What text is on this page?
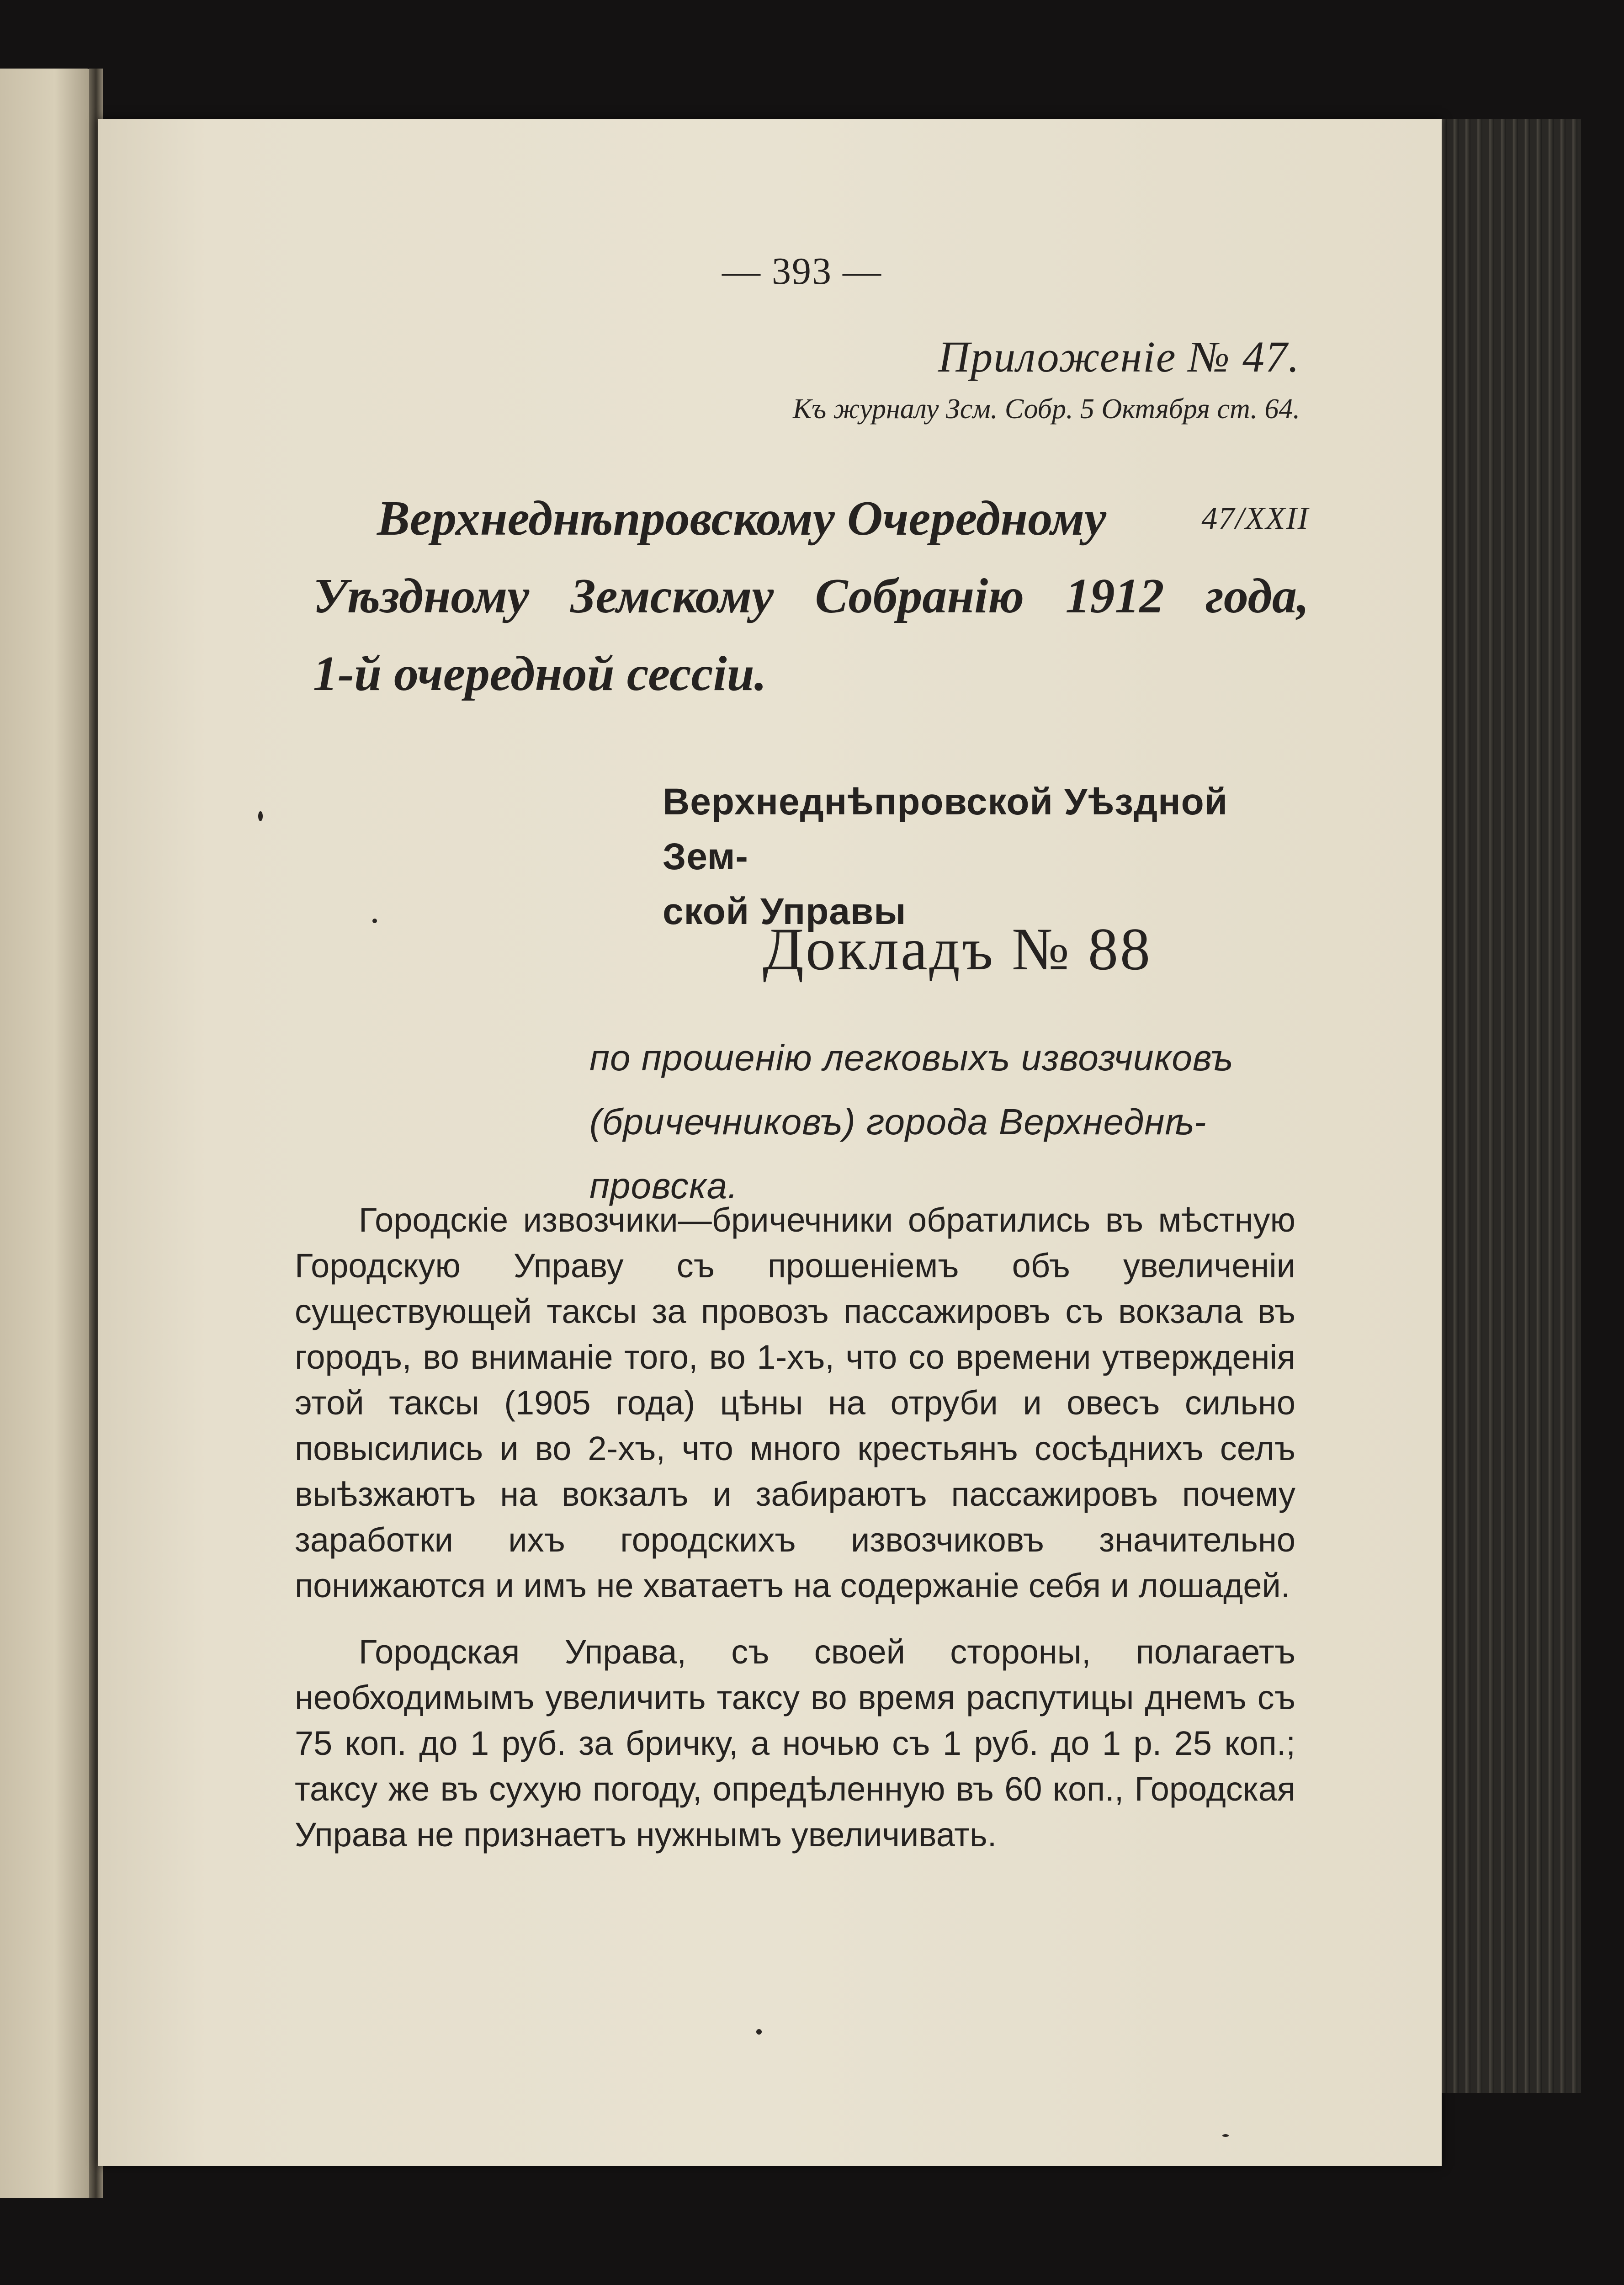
— 393 —
Приложенiе № 47.
Къ журналу Зсм. Собр. 5 Октября ст. 64.
47/XXII
Верхнеднѣпровскому Очередному
Уѣздному Земскому Собранiю 1912 года,
1-й очередной сессiи.
Верхнеднѣпровской Уѣздной Зем-
ской Управы
Докладъ № 88
по прошенiю легковыхъ извозчиковъ
(бричечниковъ) города Верхнеднѣ-
провска.

Городскiе извозчики—бричечники обратились въ мѣстную Городскую Управу съ прошенiемъ объ увеличенiи существующей таксы за провозъ пассажировъ съ вокзала въ городъ, во вниманiе того, во 1-хъ, что со времени утвержденiя этой таксы (1905 года) цѣны на отруби и овесъ сильно повысились и во 2-хъ, что много крестьянъ сосѣднихъ селъ выѣзжаютъ на вокзалъ и забираютъ пассажировъ почему заработки ихъ городскихъ извозчиковъ значительно понижаются и имъ не хватаетъ на содержанiе себя и лошадей.

Городская Управа, съ своей стороны, полагаетъ необходимымъ увеличить таксу во время распутицы днемъ съ 75 коп. до 1 руб. за бричку, а ночью съ 1 руб. до 1 р. 25 коп.; таксу же въ сухую погоду, опредѣленную въ 60 коп., Городская Управа не признаетъ нужнымъ увеличивать.
